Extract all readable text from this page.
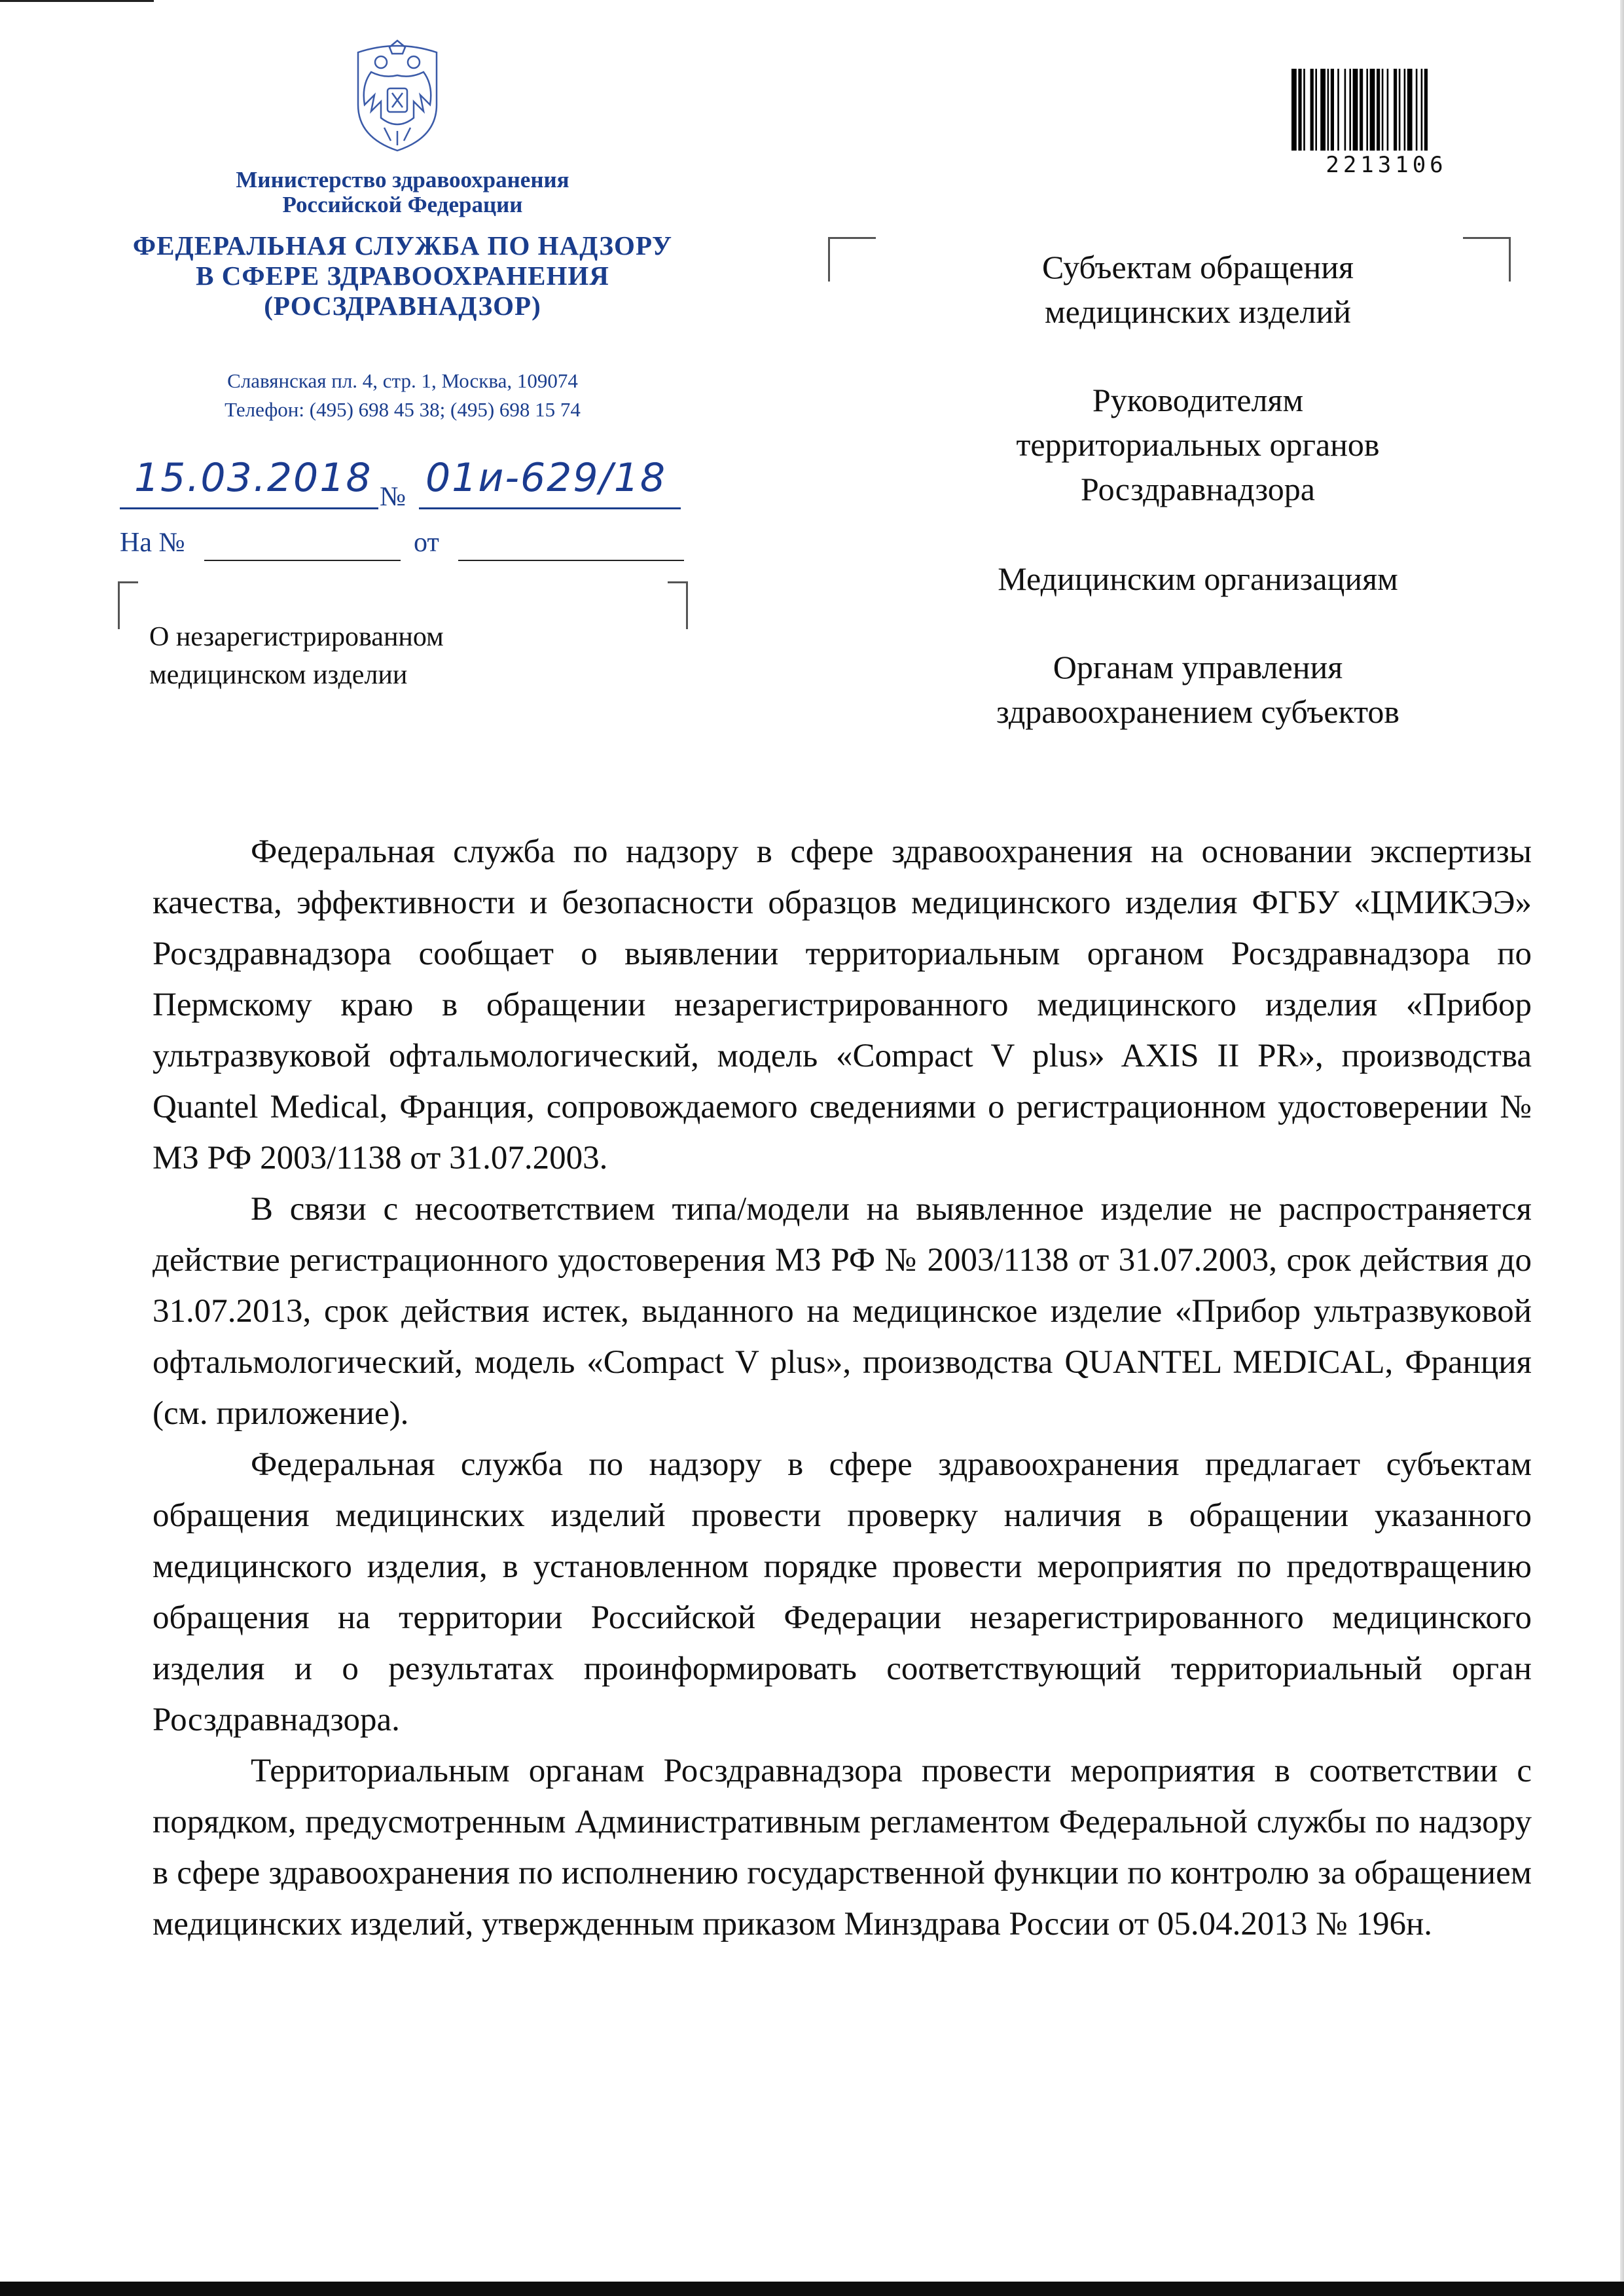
Министерство здравоохранения
Российской Федерации
ФЕДЕРАЛЬНАЯ СЛУЖБА ПО НАДЗОРУ
В СФЕРЕ ЗДРАВООХРАНЕНИЯ
(РОСЗДРАВНАДЗОР)
Славянская пл. 4, стр. 1, Москва, 109074
Телефон: (495) 698 45 38; (495) 698 15 74
15.03.2018 № 01и-629/18
На №	от
О незарегистрированном
медицинском изделии
2213106
Субъектам обращения
медицинских изделий
Руководителям
территориальных органов
Росздравнадзора
Медицинским организациям
Органам управления
здравоохранением субъектов

Федеральная служба по надзору в сфере здравоохранения на основании экспертизы качества, эффективности и безопасности образцов медицинского изделия ФГБУ «ЦМИКЭЭ» Росздравнадзора сообщает о выявлении территориальным органом Росздравнадзора по Пермскому краю в обращении незарегистрированного медицинского изделия «Прибор ультразвуковой офтальмологический, модель «Compact V plus» AXIS II PR», производства Quantel Medical, Франция, сопровождаемого сведениями о регистрационном удостоверении № МЗ РФ 2003/1138 от 31.07.2003.

В связи с несоответствием типа/модели на выявленное изделие не распространяется действие регистрационного удостоверения МЗ РФ № 2003/1138 от 31.07.2003, срок действия до 31.07.2013, срок действия истек, выданного на медицинское изделие «Прибор ультразвуковой офтальмологический, модель «Compact V plus», производства QUANTEL MEDICAL, Франция (см. приложение).

Федеральная служба по надзору в сфере здравоохранения предлагает субъектам обращения медицинских изделий провести проверку наличия в обращении указанного медицинского изделия, в установленном порядке провести мероприятия по предотвращению обращения на территории Российской Федерации незарегистрированного медицинского изделия и о результатах проинформировать соответствующий территориальный орган Росздравнадзора.

Территориальным органам Росздравнадзора провести мероприятия в соответствии с порядком, предусмотренным Административным регламентом Федеральной службы по надзору в сфере здравоохранения по исполнению государственной функции по контролю за обращением медицинских изделий, утвержденным приказом Минздрава России от 05.04.2013 № 196н.
